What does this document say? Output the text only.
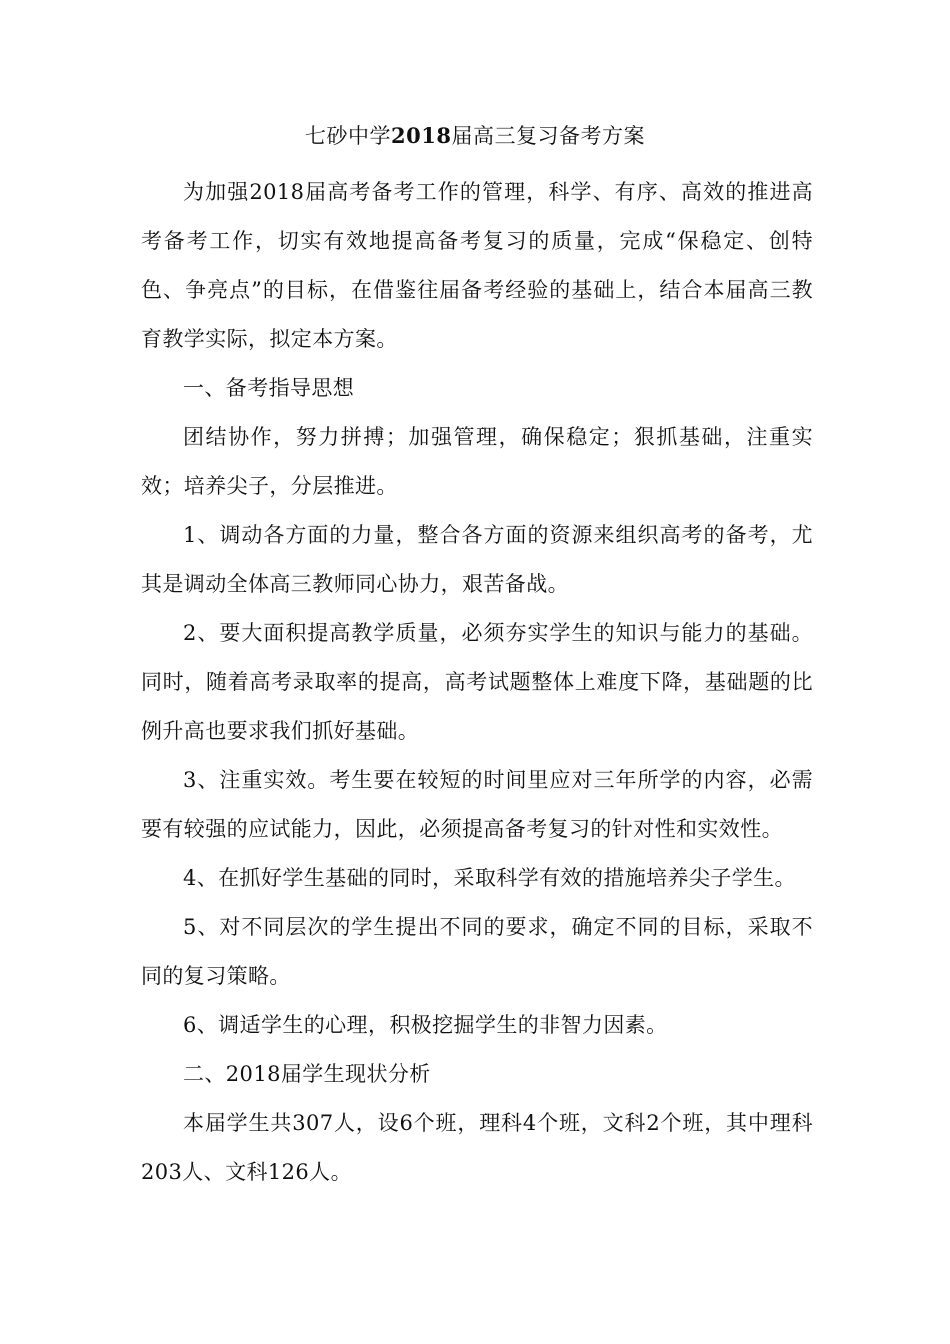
七砂中学2018届高三复习备考方案

为加强2018届高考备考工作的管理，科学、有序、高效的推进高考备考工作，切实有效地提高备考复习的质量，完成“保稳定、创特色、争亮点”的目标，在借鉴往届备考经验的基础上，结合本届高三教育教学实际，拟定本方案。

一、备考指导思想

团结协作，努力拼搏；加强管理，确保稳定；狠抓基础，注重实效；培养尖子，分层推进。

1、调动各方面的力量，整合各方面的资源来组织高考的备考，尤其是调动全体高三教师同心协力，艰苦备战。

2、要大面积提高教学质量，必须夯实学生的知识与能力的基础。同时，随着高考录取率的提高，高考试题整体上难度下降，基础题的比例升高也要求我们抓好基础。

3、注重实效。考生要在较短的时间里应对三年所学的内容，必需要有较强的应试能力，因此，必须提高备考复习的针对性和实效性。

4、在抓好学生基础的同时，采取科学有效的措施培养尖子学生。

5、对不同层次的学生提出不同的要求，确定不同的目标，采取不同的复习策略。

6、调适学生的心理，积极挖掘学生的非智力因素。

二、2018届学生现状分析

本届学生共307人，设6个班，理科4个班，文科2个班，其中理科203人、文科126人。
